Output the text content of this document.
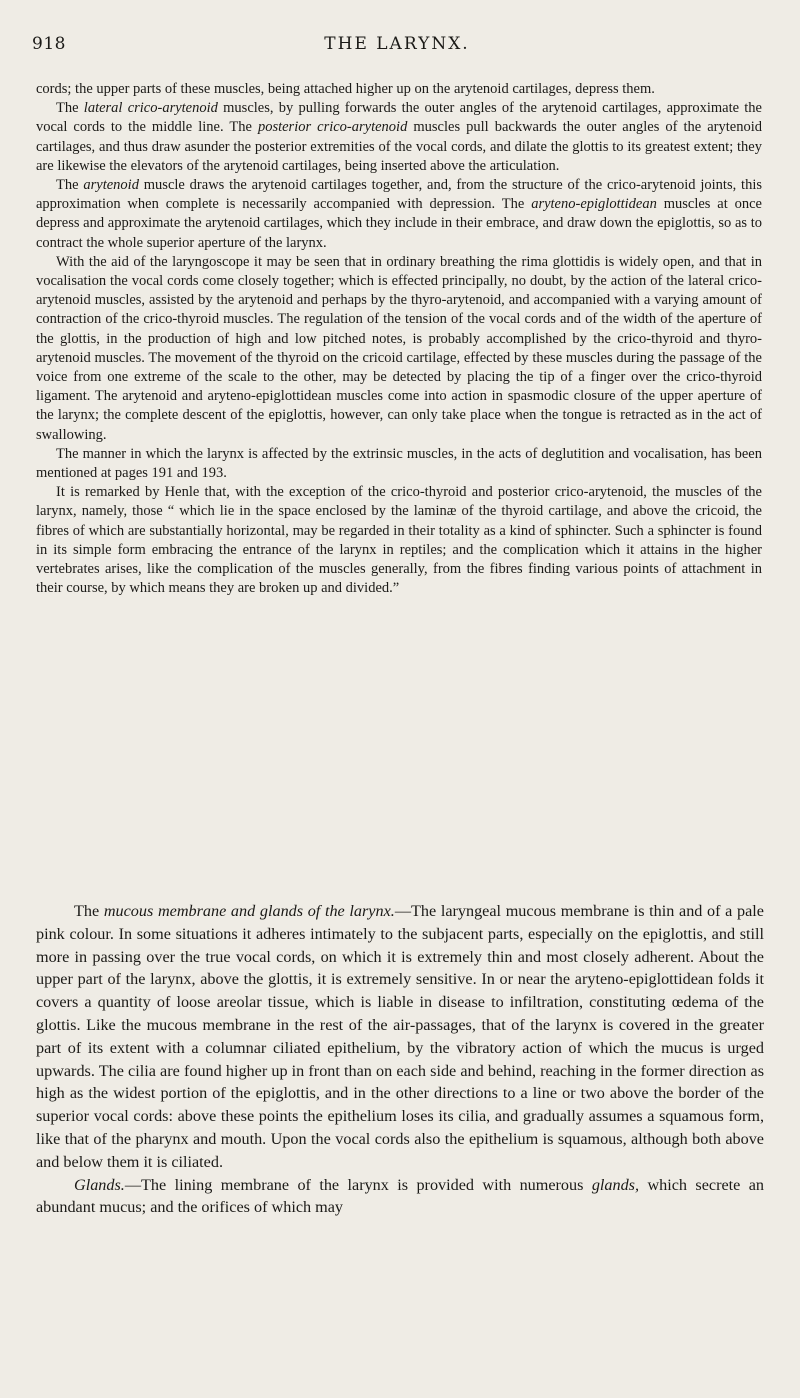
918	THE LARYNX.

cords; the upper parts of these muscles, being attached higher up on the arytenoid cartilages, depress them.

The lateral crico-arytenoid muscles, by pulling forwards the outer angles of the arytenoid cartilages, approximate the vocal cords to the middle line. The posterior crico-arytenoid muscles pull backwards the outer angles of the arytenoid cartilages, and thus draw asunder the posterior extremities of the vocal cords, and dilate the glottis to its greatest extent; they are likewise the elevators of the arytenoid cartilages, being inserted above the articulation.

The arytenoid muscle draws the arytenoid cartilages together, and, from the structure of the crico-arytenoid joints, this approximation when complete is necessarily accompanied with depression. The aryteno-epiglottidean muscles at once depress and approximate the arytenoid cartilages, which they include in their embrace, and draw down the epiglottis, so as to contract the whole superior aperture of the larynx.

With the aid of the laryngoscope it may be seen that in ordinary breathing the rima glottidis is widely open, and that in vocalisation the vocal cords come closely together; which is effected principally, no doubt, by the action of the lateral crico-arytenoid muscles, assisted by the arytenoid and perhaps by the thyro-arytenoid, and accompanied with a varying amount of contraction of the crico-thyroid muscles. The regulation of the tension of the vocal cords and of the width of the aperture of the glottis, in the production of high and low pitched notes, is probably accomplished by the crico-thyroid and thyro-arytenoid muscles. The movement of the thyroid on the cricoid cartilage, effected by these muscles during the passage of the voice from one extreme of the scale to the other, may be detected by placing the tip of a finger over the crico-thyroid ligament. The arytenoid and aryteno-epiglottidean muscles come into action in spasmodic closure of the upper aperture of the larynx; the complete descent of the epiglottis, however, can only take place when the tongue is retracted as in the act of swallowing.

The manner in which the larynx is affected by the extrinsic muscles, in the acts of deglutition and vocalisation, has been mentioned at pages 191 and 193.

It is remarked by Henle that, with the exception of the crico-thyroid and posterior crico-arytenoid, the muscles of the larynx, namely, those “ which lie in the space enclosed by the laminæ of the thyroid cartilage, and above the cricoid, the fibres of which are substantially horizontal, may be regarded in their totality as a kind of sphincter. Such a sphincter is found in its simple form embracing the entrance of the larynx in reptiles; and the complication which it attains in the higher vertebrates arises, like the complication of the muscles generally, from the fibres finding various points of attachment in their course, by which means they are broken up and divided.”

The mucous membrane and glands of the larynx.—The laryngeal mucous membrane is thin and of a pale pink colour. In some situations it adheres intimately to the subjacent parts, especially on the epiglottis, and still more in passing over the true vocal cords, on which it is extremely thin and most closely adherent. About the upper part of the larynx, above the glottis, it is extremely sensitive. In or near the aryteno-epiglottidean folds it covers a quantity of loose areolar tissue, which is liable in disease to infiltration, constituting œdema of the glottis. Like the mucous membrane in the rest of the air-passages, that of the larynx is covered in the greater part of its extent with a columnar ciliated epithelium, by the vibratory action of which the mucus is urged upwards. The cilia are found higher up in front than on each side and behind, reaching in the former direction as high as the widest portion of the epiglottis, and in the other directions to a line or two above the border of the superior vocal cords: above these points the epithelium loses its cilia, and gradually assumes a squamous form, like that of the pharynx and mouth. Upon the vocal cords also the epithelium is squamous, although both above and below them it is ciliated.

Glands.—The lining membrane of the larynx is provided with numerous glands, which secrete an abundant mucus; and the orifices of which may
